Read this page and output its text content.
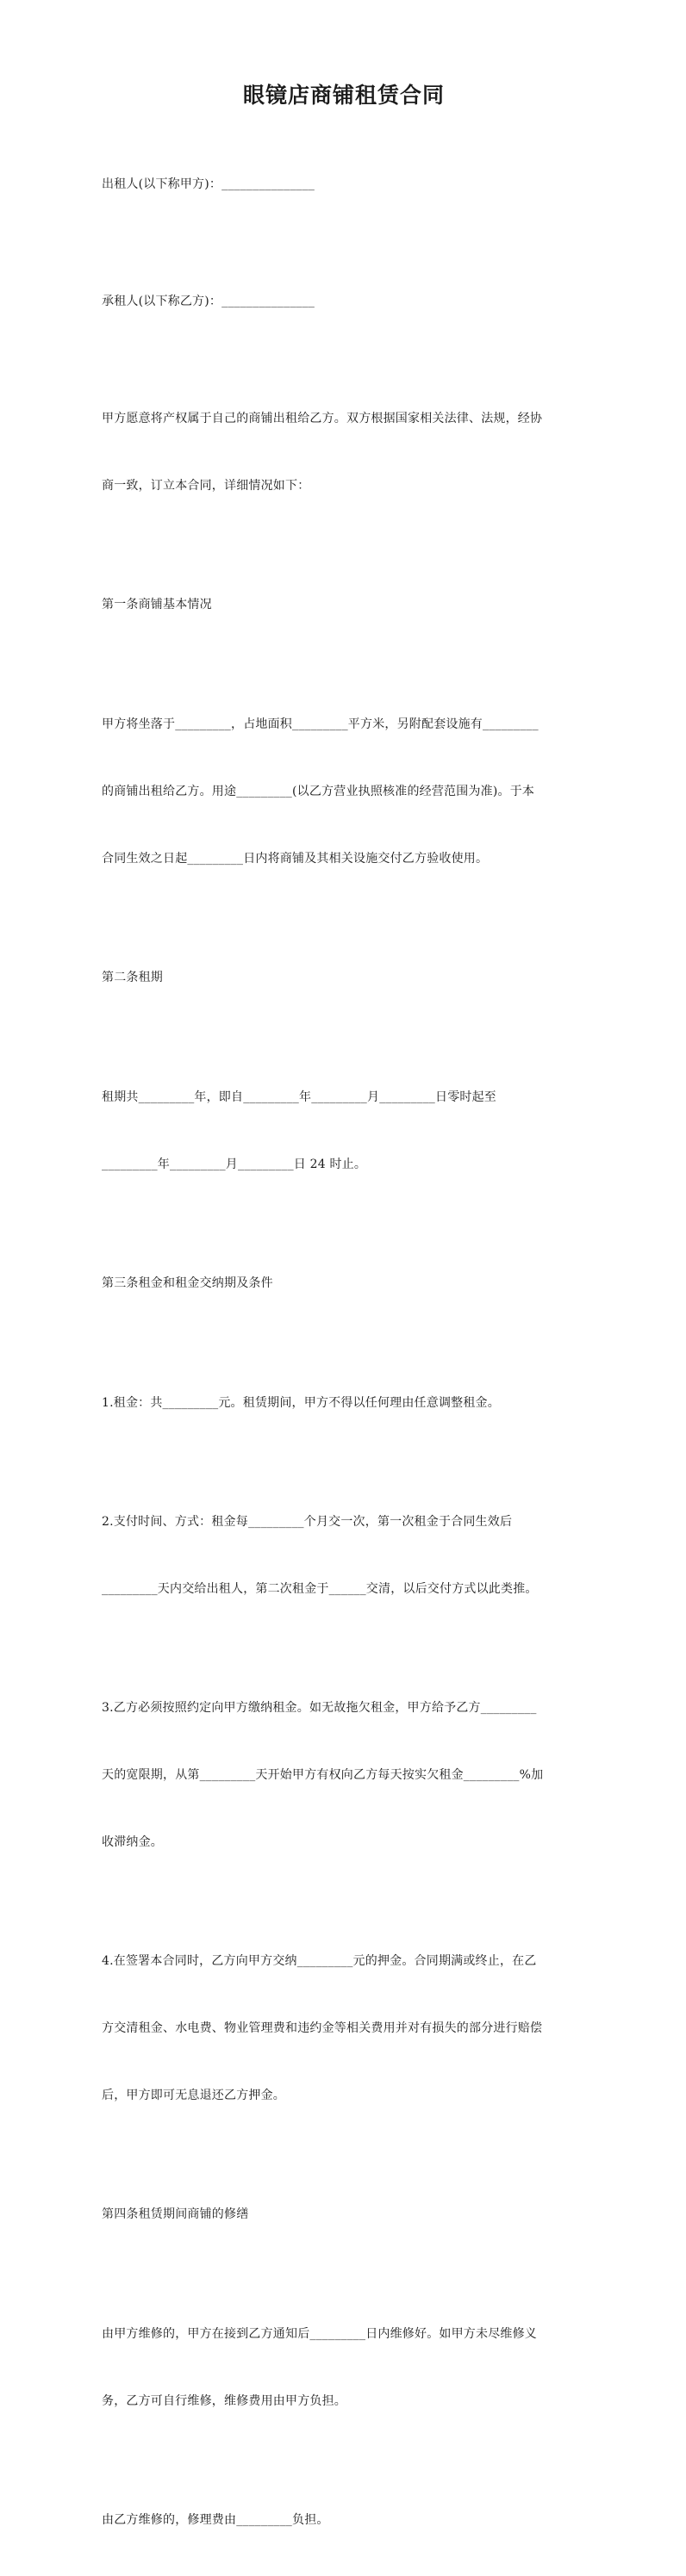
眼镜店商铺租赁合同

出租人(以下称甲方)：_______________

承租人(以下称乙方)：_______________

甲方愿意将产权属于自己的商铺出租给乙方。双方根据国家相关法律、法规，经协

商一致，订立本合同，详细情况如下：

第一条商铺基本情况

甲方将坐落于_________，占地面积_________平方米，另附配套设施有_________

的商铺出租给乙方。用途_________(以乙方营业执照核准的经营范围为准)。于本

合同生效之日起_________日内将商铺及其相关设施交付乙方验收使用。

第二条租期

租期共_________年，即自_________年_________月_________日零时起至

_________年_________月_________日 24 时止。

第三条租金和租金交纳期及条件

1.租金：共_________元。租赁期间，甲方不得以任何理由任意调整租金。

2.支付时间、方式：租金每_________个月交一次，第一次租金于合同生效后

_________天内交给出租人，第二次租金于______交清，以后交付方式以此类推。

3.乙方必须按照约定向甲方缴纳租金。如无故拖欠租金，甲方给予乙方_________

天的宽限期，从第_________天开始甲方有权向乙方每天按实欠租金_________%加

收滞纳金。

4.在签署本合同时，乙方向甲方交纳_________元的押金。合同期满或终止，在乙

方交清租金、水电费、物业管理费和违约金等相关费用并对有损失的部分进行赔偿

后，甲方即可无息退还乙方押金。

第四条租赁期间商铺的修缮

由甲方维修的，甲方在接到乙方通知后_________日内维修好。如甲方未尽维修义

务，乙方可自行维修，维修费用由甲方负担。

由乙方维修的，修理费由_________负担。
